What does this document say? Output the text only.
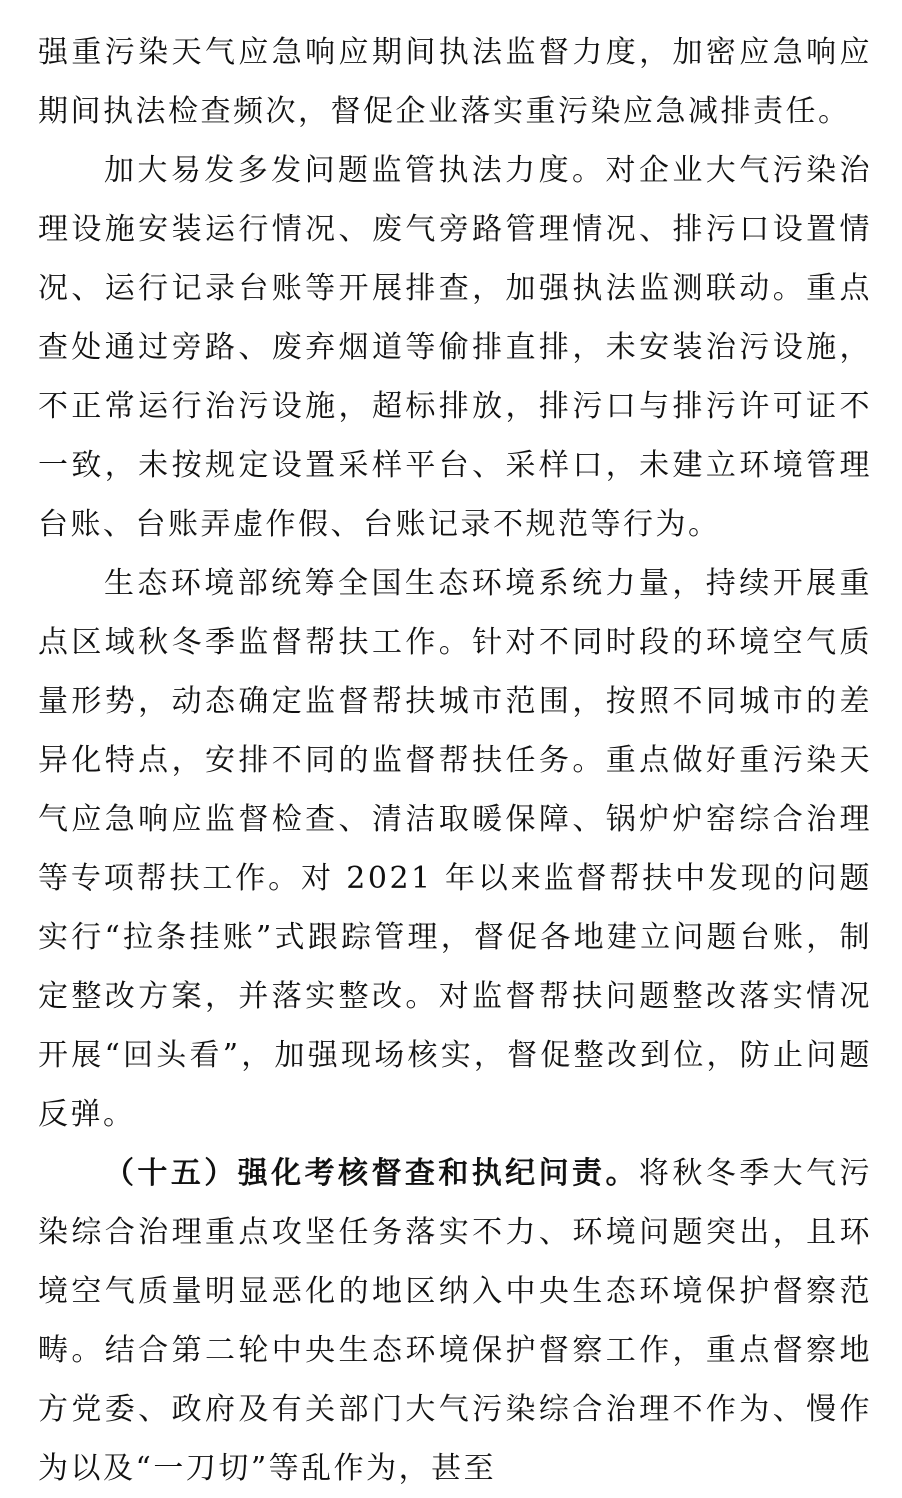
强重污染天气应急响应期间执法监督力度，加密应急响应期间执法检查频次，督促企业落实重污染应急减排责任。

加大易发多发问题监管执法力度。对企业大气污染治理设施安装运行情况、废气旁路管理情况、排污口设置情况、运行记录台账等开展排查，加强执法监测联动。重点查处通过旁路、废弃烟道等偷排直排，未安装治污设施，不正常运行治污设施，超标排放，排污口与排污许可证不一致，未按规定设置采样平台、采样口，未建立环境管理台账、台账弄虚作假、台账记录不规范等行为。

生态环境部统筹全国生态环境系统力量，持续开展重点区域秋冬季监督帮扶工作。针对不同时段的环境空气质量形势，动态确定监督帮扶城市范围，按照不同城市的差异化特点，安排不同的监督帮扶任务。重点做好重污染天气应急响应监督检查、清洁取暖保障、锅炉炉窑综合治理等专项帮扶工作。对 2021 年以来监督帮扶中发现的问题实行“拉条挂账”式跟踪管理，督促各地建立问题台账，制定整改方案，并落实整改。对监督帮扶问题整改落实情况开展“回头看”，加强现场核实，督促整改到位，防止问题反弹。

（十五）强化考核督查和执纪问责。将秋冬季大气污染综合治理重点攻坚任务落实不力、环境问题突出，且环境空气质量明显恶化的地区纳入中央生态环境保护督察范畴。结合第二轮中央生态环境保护督察工作，重点督察地方党委、政府及有关部门大气污染综合治理不作为、慢作为以及“一刀切”等乱作为，甚至
